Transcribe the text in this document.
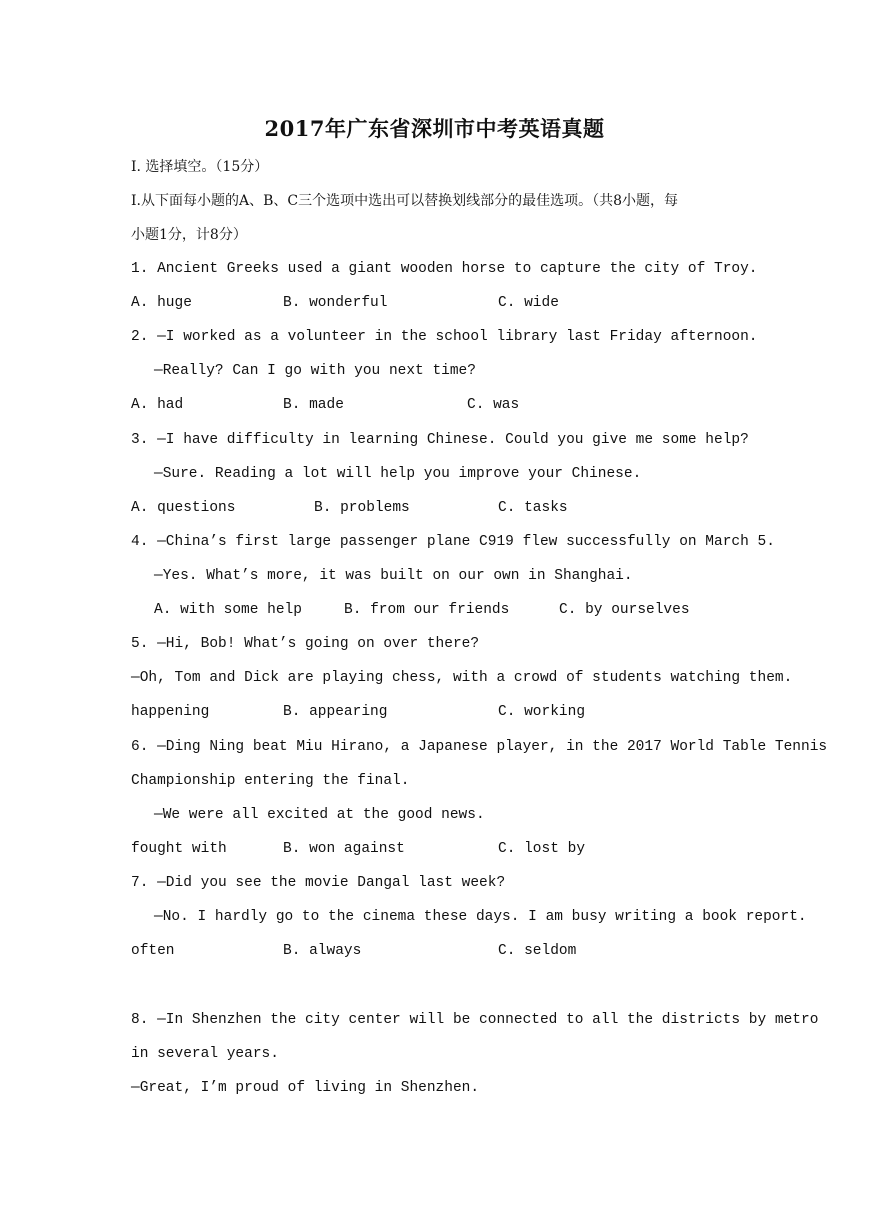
2017年广东省深圳市中考英语真题
I. 选择填空。（15分）
I.从下面每小题的A、B、C三个选项中选出可以替换划线部分的最佳选项。（共8小题，每
小题1分，计8分）
1. Ancient Greeks used a giant wooden horse to capture the city of Troy.
A. huge	B. wonderful	C. wide
2. —I worked as a volunteer in the school library last Friday afternoon.
—Really? Can I go with you next time?
A. had	B. made	C. was
3. —I have difficulty in learning Chinese. Could you give me some help?
—Sure. Reading a lot will help you improve your Chinese.
A. questions	B. problems	C. tasks
4. —China’s first large passenger plane C919 flew successfully on March 5.
—Yes. What’s more, it was built on our own in Shanghai.
A. with some help	B. from our friends	C. by ourselves
5. —Hi, Bob! What’s going on over there?
—Oh, Tom and Dick are playing chess, with a crowd of students watching them.
happening	B. appearing	C. working
6. —Ding Ning beat Miu Hirano, a Japanese player, in the 2017 World Table Tennis
Championship entering the final.
—We were all excited at the good news.
fought with	B. won against	C. lost by
7. —Did you see the movie Dangal last week?
—No. I hardly go to the cinema these days. I am busy writing a book report.
often	B. always	C. seldom
8. —In Shenzhen the city center will be connected to all the districts by metro
in several years.
—Great, I’m proud of living in Shenzhen.
